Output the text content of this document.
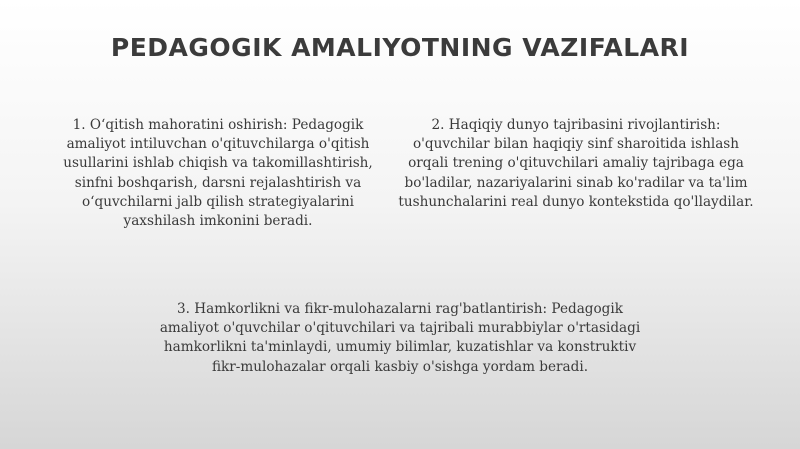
PEDAGOGIK AMALIYOTNING VAZIFALARI

1. O‘qitish mahoratini oshirish: Pedagogik amaliyot intiluvchan o'qituvchilarga o'qitish usullarini ishlab chiqish va takomillashtirish, sinfni boshqarish, darsni rejalashtirish va o‘quvchilarni jalb qilish strategiyalarini yaxshilash imkonini beradi.

2. Haqiqiy dunyo tajribasini rivojlantirish: o'quvchilar bilan haqiqiy sinf sharoitida ishlash orqali trening o'qituvchilari amaliy tajribaga ega bo'ladilar, nazariyalarini sinab ko'radilar va ta'lim tushunchalarini real dunyo kontekstida qo'llaydilar.

3. Hamkorlikni va fikr-mulohazalarni rag'batlantirish: Pedagogik amaliyot o'quvchilar o'qituvchilari va tajribali murabbiylar o'rtasidagi hamkorlikni ta'minlaydi, umumiy bilimlar, kuzatishlar va konstruktiv fikr-mulohazalar orqali kasbiy o'sishga yordam beradi.
